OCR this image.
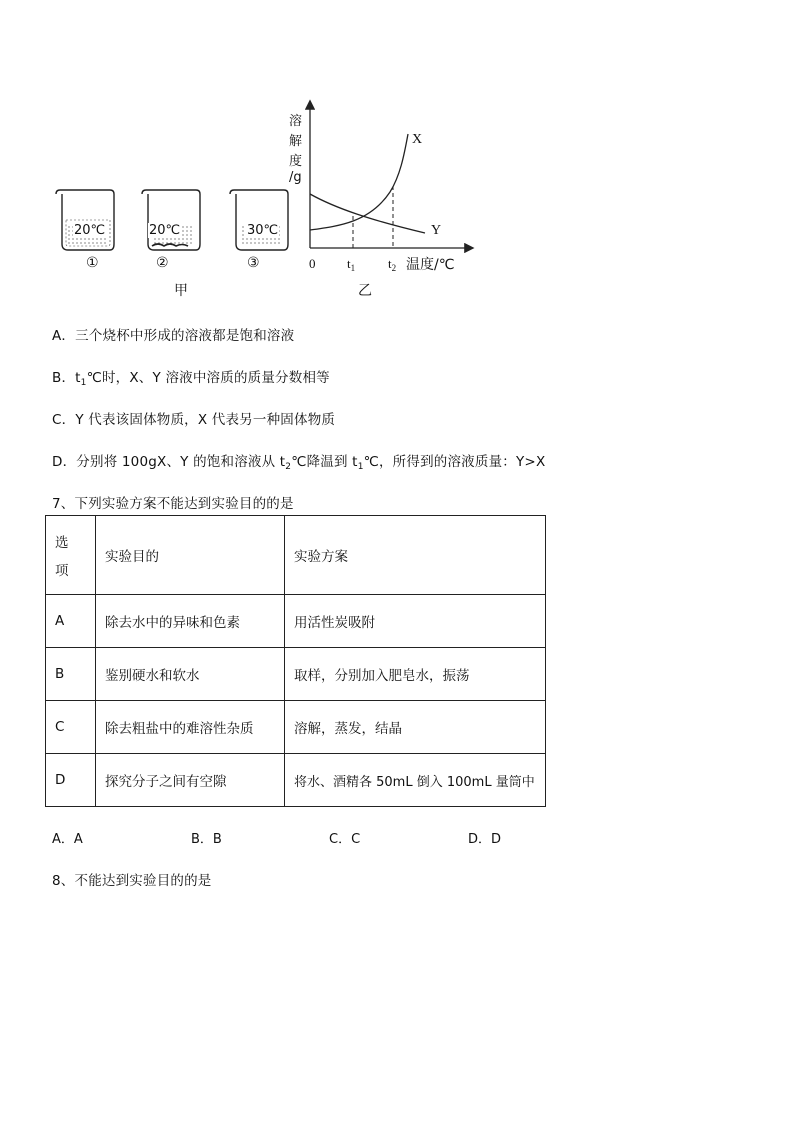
20℃	20℃	30℃
①	②	③
甲
溶
解
度
/g
X
Y
0 $t_1$	$t_2$ 温度/℃
乙
A．三个烧杯中形成的溶液都是饱和溶液
B．$t_1℃$时，X、Y 溶液中溶质的质量分数相等
C．Y 代表该固体物质，X 代表另一种固体物质
D．分别将 100gX、Y 的饱和溶液从 $t_2℃$降温到 $t_1℃$，所得到的溶液质量：Y>X
7、下列实验方案不能达到实验目的的是
选
项	实验目的	实验方案
A	除去水中的异味和色素	用活性炭吸附
B	鉴别硬水和软水	取样，分别加入肥皂水，振荡
C	除去粗盐中的难溶性杂质	溶解，蒸发，结晶
D	探究分子之间有空隙	将水、酒精各 50mL 倒入 100mL 量筒中
A．A	B．B	C．C	D．D
8、不能达到实验目的的是
